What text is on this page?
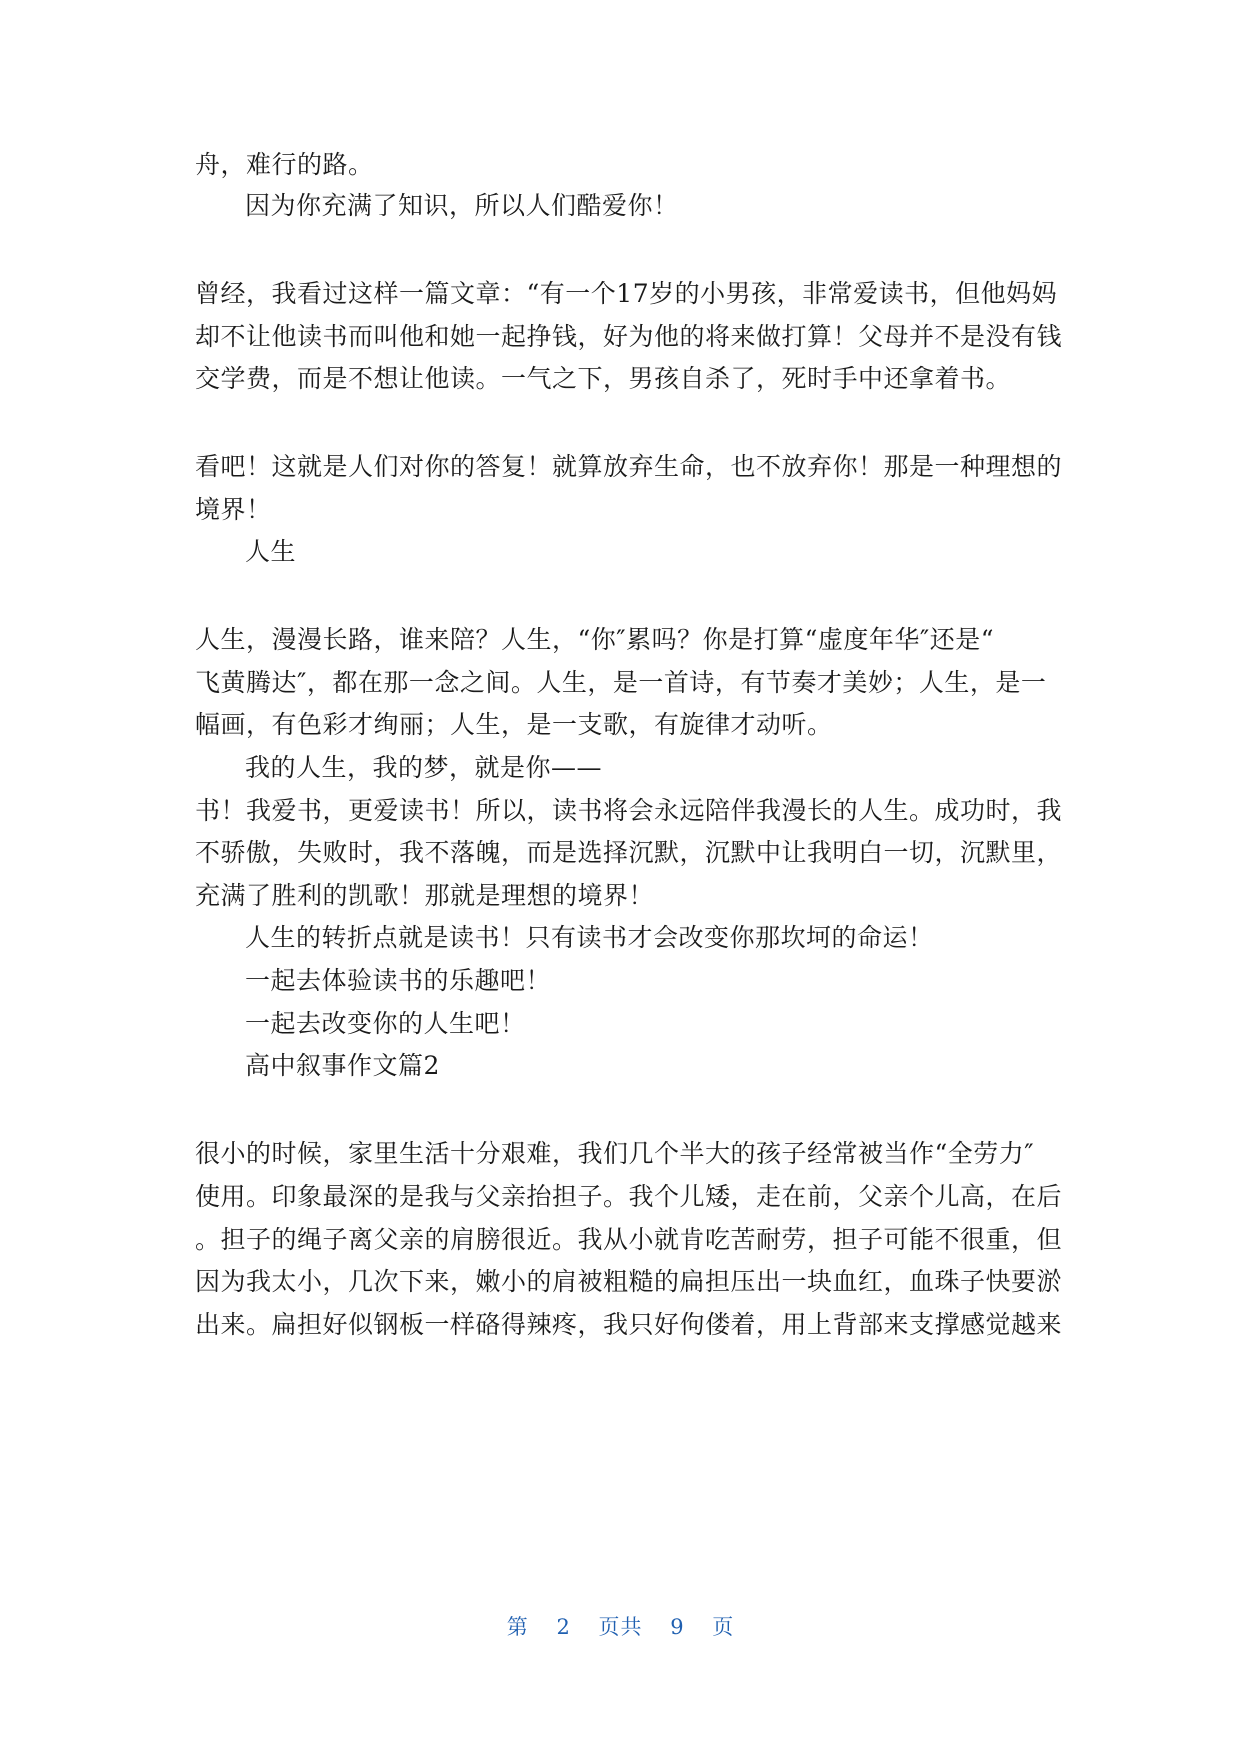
舟，难行的路。
因为你充满了知识，所以人们酷爱你！
曾经，我看过这样一篇文章：“有一个17岁的小男孩，非常爱读书，但他妈妈
却不让他读书而叫他和她一起挣钱，好为他的将来做打算！父母并不是没有钱
交学费，而是不想让他读。一气之下，男孩自杀了，死时手中还拿着书。
看吧！这就是人们对你的答复！就算放弃生命，也不放弃你！那是一种理想的
境界！
人生
人生，漫漫长路，谁来陪？人生，“你″累吗？你是打算“虚度年华″还是“
飞黄腾达″，都在那一念之间。人生，是一首诗，有节奏才美妙；人生，是一
幅画，有色彩才绚丽；人生，是一支歌，有旋律才动听。
我的人生，我的梦，就是你——
书！我爱书，更爱读书！所以，读书将会永远陪伴我漫长的人生。成功时，我
不骄傲，失败时，我不落魄，而是选择沉默，沉默中让我明白一切，沉默里，
充满了胜利的凯歌！那就是理想的境界！
人生的转折点就是读书！只有读书才会改变你那坎坷的命运！
一起去体验读书的乐趣吧！
一起去改变你的人生吧！
高中叙事作文篇2
很小的时候，家里生活十分艰难，我们几个半大的孩子经常被当作“全劳力″
使用。印象最深的是我与父亲抬担子。我个儿矮，走在前，父亲个儿高，在后
。担子的绳子离父亲的肩膀很近。我从小就肯吃苦耐劳，担子可能不很重，但
因为我太小，几次下来，嫩小的肩被粗糙的扁担压出一块血红，血珠子快要淤
出来。扁担好似钢板一样硌得辣疼，我只好佝偻着，用上背部来支撑感觉越来
第 2 页共 9 页
